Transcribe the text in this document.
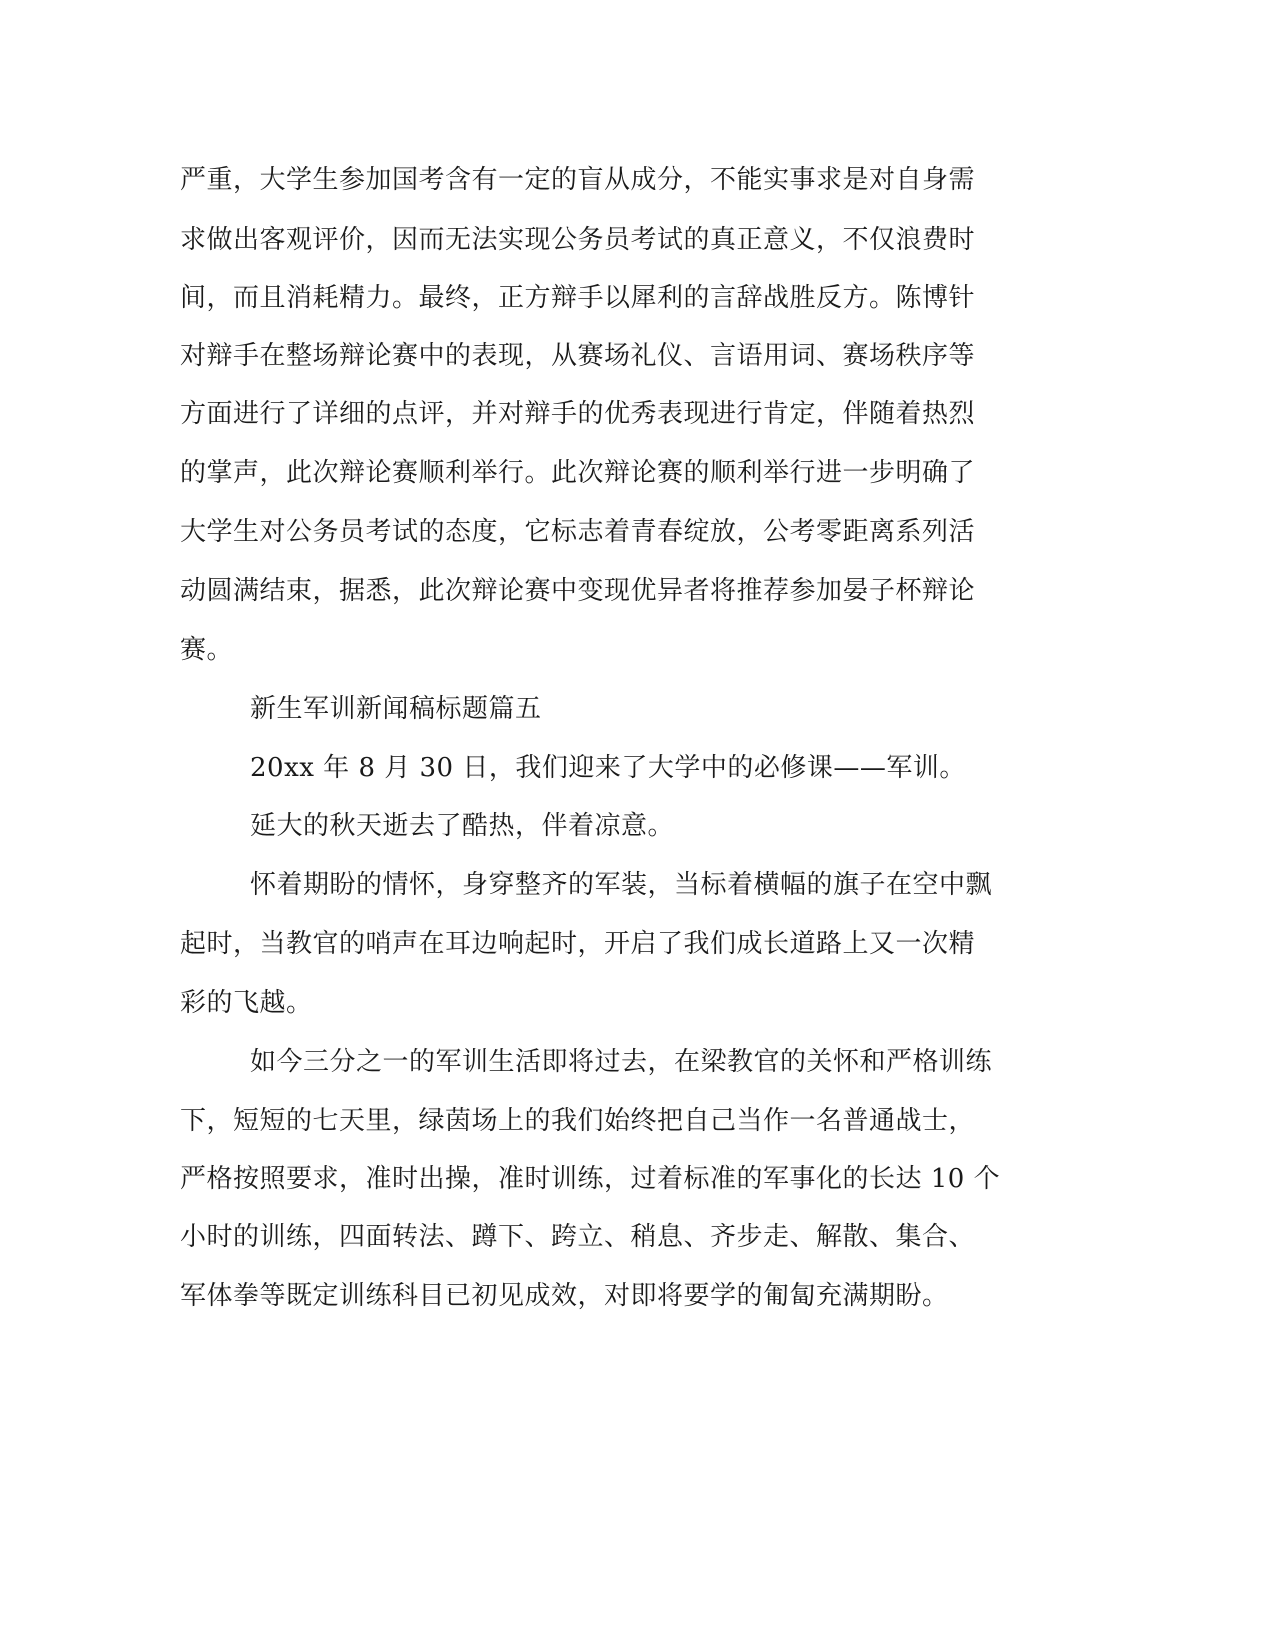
严重，大学生参加国考含有一定的盲从成分，不能实事求是对自身需
求做出客观评价，因而无法实现公务员考试的真正意义，不仅浪费时
间，而且消耗精力。最终，正方辩手以犀利的言辞战胜反方。陈博针
对辩手在整场辩论赛中的表现，从赛场礼仪、言语用词、赛场秩序等
方面进行了详细的点评，并对辩手的优秀表现进行肯定，伴随着热烈
的掌声，此次辩论赛顺利举行。此次辩论赛的顺利举行进一步明确了
大学生对公务员考试的态度，它标志着青春绽放，公考零距离系列活
动圆满结束，据悉，此次辩论赛中变现优异者将推荐参加晏子杯辩论
赛。
新生军训新闻稿标题篇五
20xx 年 8 月 30 日，我们迎来了大学中的必修课——军训。
延大的秋天逝去了酷热，伴着凉意。
怀着期盼的情怀，身穿整齐的军装，当标着横幅的旗子在空中飘
起时，当教官的哨声在耳边响起时，开启了我们成长道路上又一次精
彩的飞越。
如今三分之一的军训生活即将过去，在梁教官的关怀和严格训练
下，短短的七天里，绿茵场上的我们始终把自己当作一名普通战士，
严格按照要求，准时出操，准时训练，过着标准的军事化的长达 10 个
小时的训练，四面转法、蹲下、跨立、稍息、齐步走、解散、集合、
军体拳等既定训练科目已初见成效，对即将要学的匍匐充满期盼。
